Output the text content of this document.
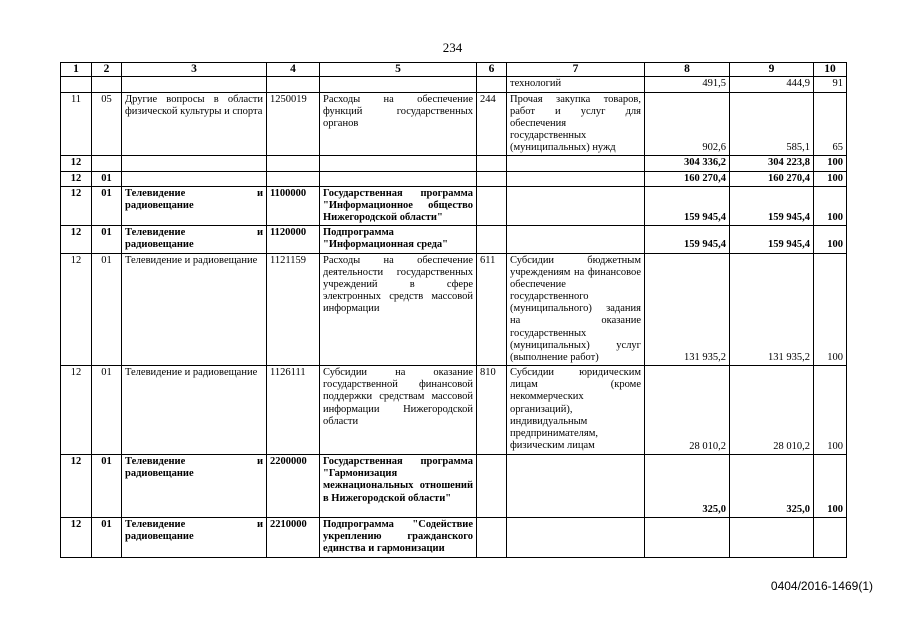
234
1	2	3	4	5	6	7	8	9	10
						технологий	491,5	444,9	91
11	05	Другие вопросы в области физической культуры и спорта	1250019	Расходы на обеспечение функций государственных органов	244	Прочая закупка товаров, работ и услуг для обеспечения государственных (муниципальных) нужд	902,6	585,1	65
12							304 336,2	304 223,8	100
12	01						160 270,4	160 270,4	100
12	01	Телевидение и радиовещание	1100000	Государственная программа "Информационное общество Нижегородской области"			159 945,4	159 945,4	100
12	01	Телевидение и радиовещание	1120000	Подпрограмма "Информационная среда"			159 945,4	159 945,4	100
12	01	Телевидение и радиовещание	1121159	Расходы на обеспечение деятельности государственных учреждений в сфере электронных средств массовой информации	611	Субсидии бюджетным учреждениям на финансовое обеспечение государственного (муниципального) задания на оказание государственных (муниципальных) услуг (выполнение работ)	131 935,2	131 935,2	100
12	01	Телевидение и радиовещание	1126111	Субсидии на оказание государственной финансовой поддержки средствам массовой информации Нижегородской области	810	Субсидии юридическим лицам (кроме некоммерческих организаций), индивидуальным предпринимателям, физическим лицам	28 010,2	28 010,2	100
12	01	Телевидение и радиовещание	2200000	Государственная программа "Гармонизация межнациональных отношений в Нижегородской области"			325,0	325,0	100
12	01	Телевидение и радиовещание	2210000	Подпрограмма "Содействие укреплению гражданского единства и гармонизации					
0404/2016-1469(1)
